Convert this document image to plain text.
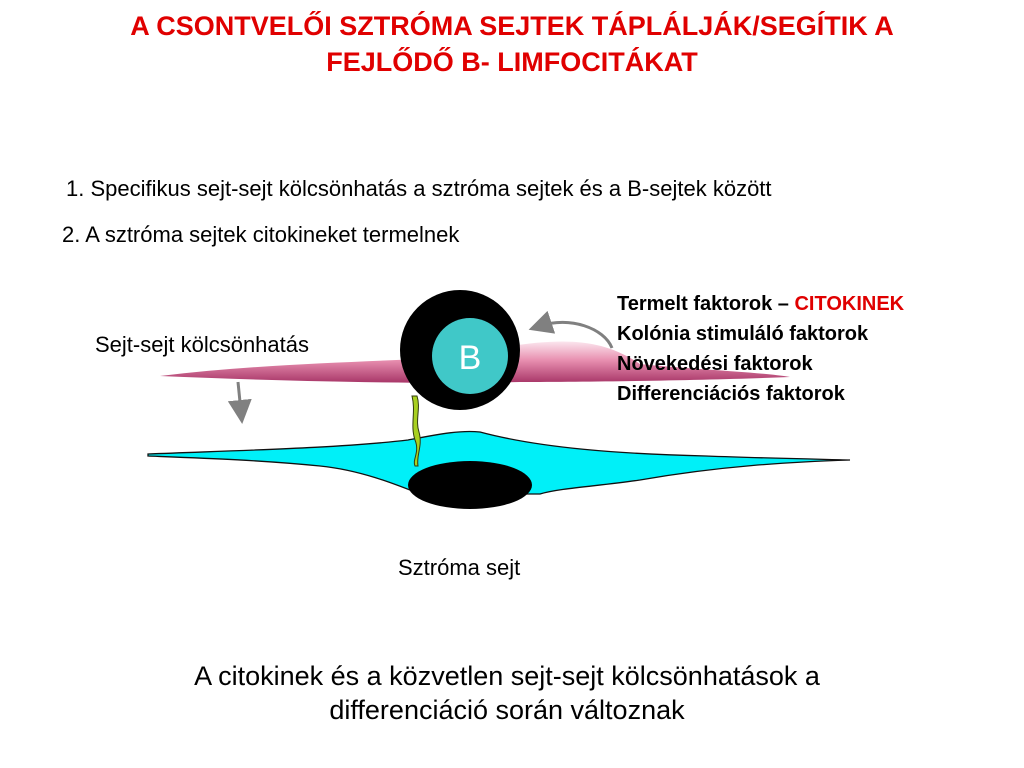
A CSONTVELŐI SZTRÓMA SEJTEK TÁPLÁLJÁK/SEGÍTIK A
FEJLŐDŐ B- LIMFOCITÁKAT
1. Specifikus sejt-sejt kölcsönhatás a sztróma sejtek és a B-sejtek között
2. A sztróma sejtek citokineket termelnek
B
Sejt-sejt kölcsönhatás
Termelt faktorok – CITOKINEK
Kolónia stimuláló faktorok
Növekedési faktorok
Differenciációs faktorok
Sztróma sejt
A citokinek és a közvetlen sejt-sejt kölcsönhatások a
differenciáció során változnak
